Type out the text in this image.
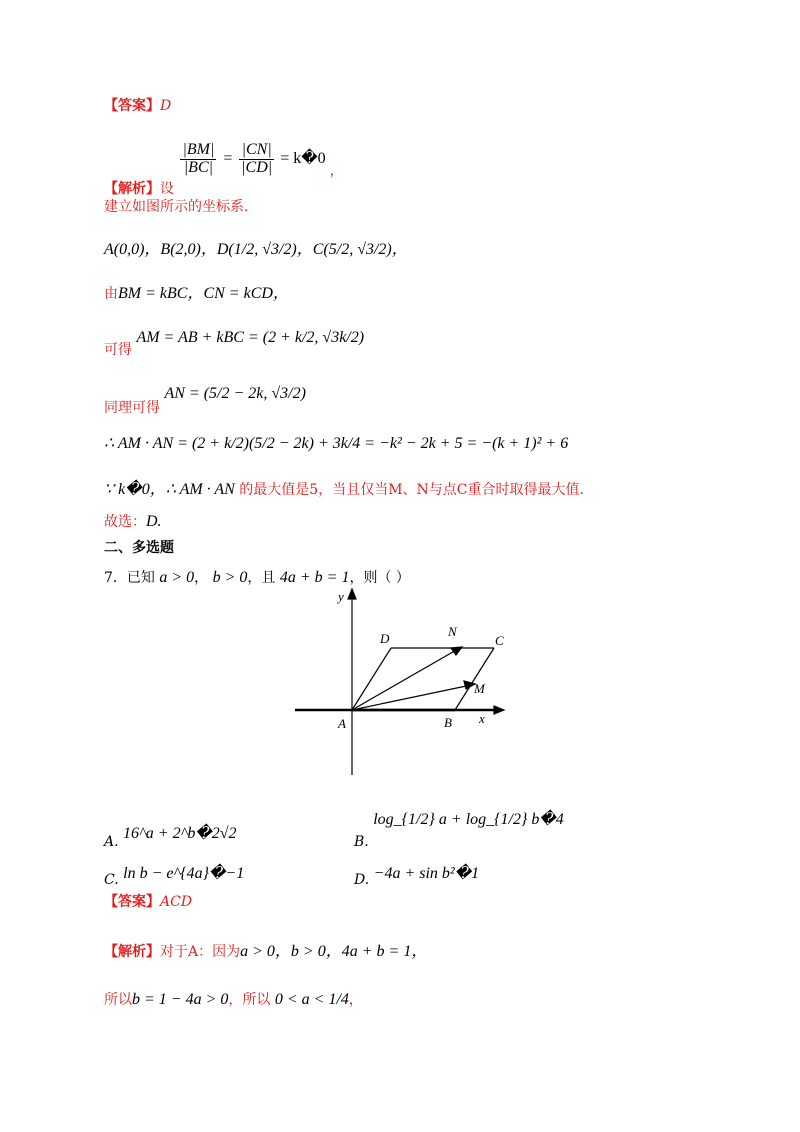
【答案】D
【解析】设
$\frac{|BM|}{|BC|} = \frac{|CN|}{|CD|}$ = k�0 ，
建立如图所示的坐标系.
A(0,0)，B(2,0)，D(1/2, √3/2)，C(5/2, √3/2)，
由BM = kBC，CN = kCD，
可得 AM = AB + kBC = (2 + k/2, √3k/2)
同理可得 AN = (5/2 − 2k, √3/2)
∴ AM · AN = (2 + k/2)(5/2 − 2k) + 3k/4 = −k² − 2k + 5 = −(k + 1)² + 6
∵ k�0，∴ AM · AN 的最大值是5，当且仅当M、N与点C重合时取得最大值.
故选：D.
二、多选题
7．已知 a > 0， b > 0，且 4a + b = 1，则（ ）
y
x
A	B
C
D	N
M
A. 16^a + 2^b�2√2	B. log_{1/2} a + log_{1/2} b�4
C. ln b − e^{4a}�−1	D. −4a + sin b²�1
【答案】ACD
【解析】对于A：因为a > 0，b > 0，4a + b = 1，
所以b = 1 − 4a > 0，所以 0 < a < 1/4，
